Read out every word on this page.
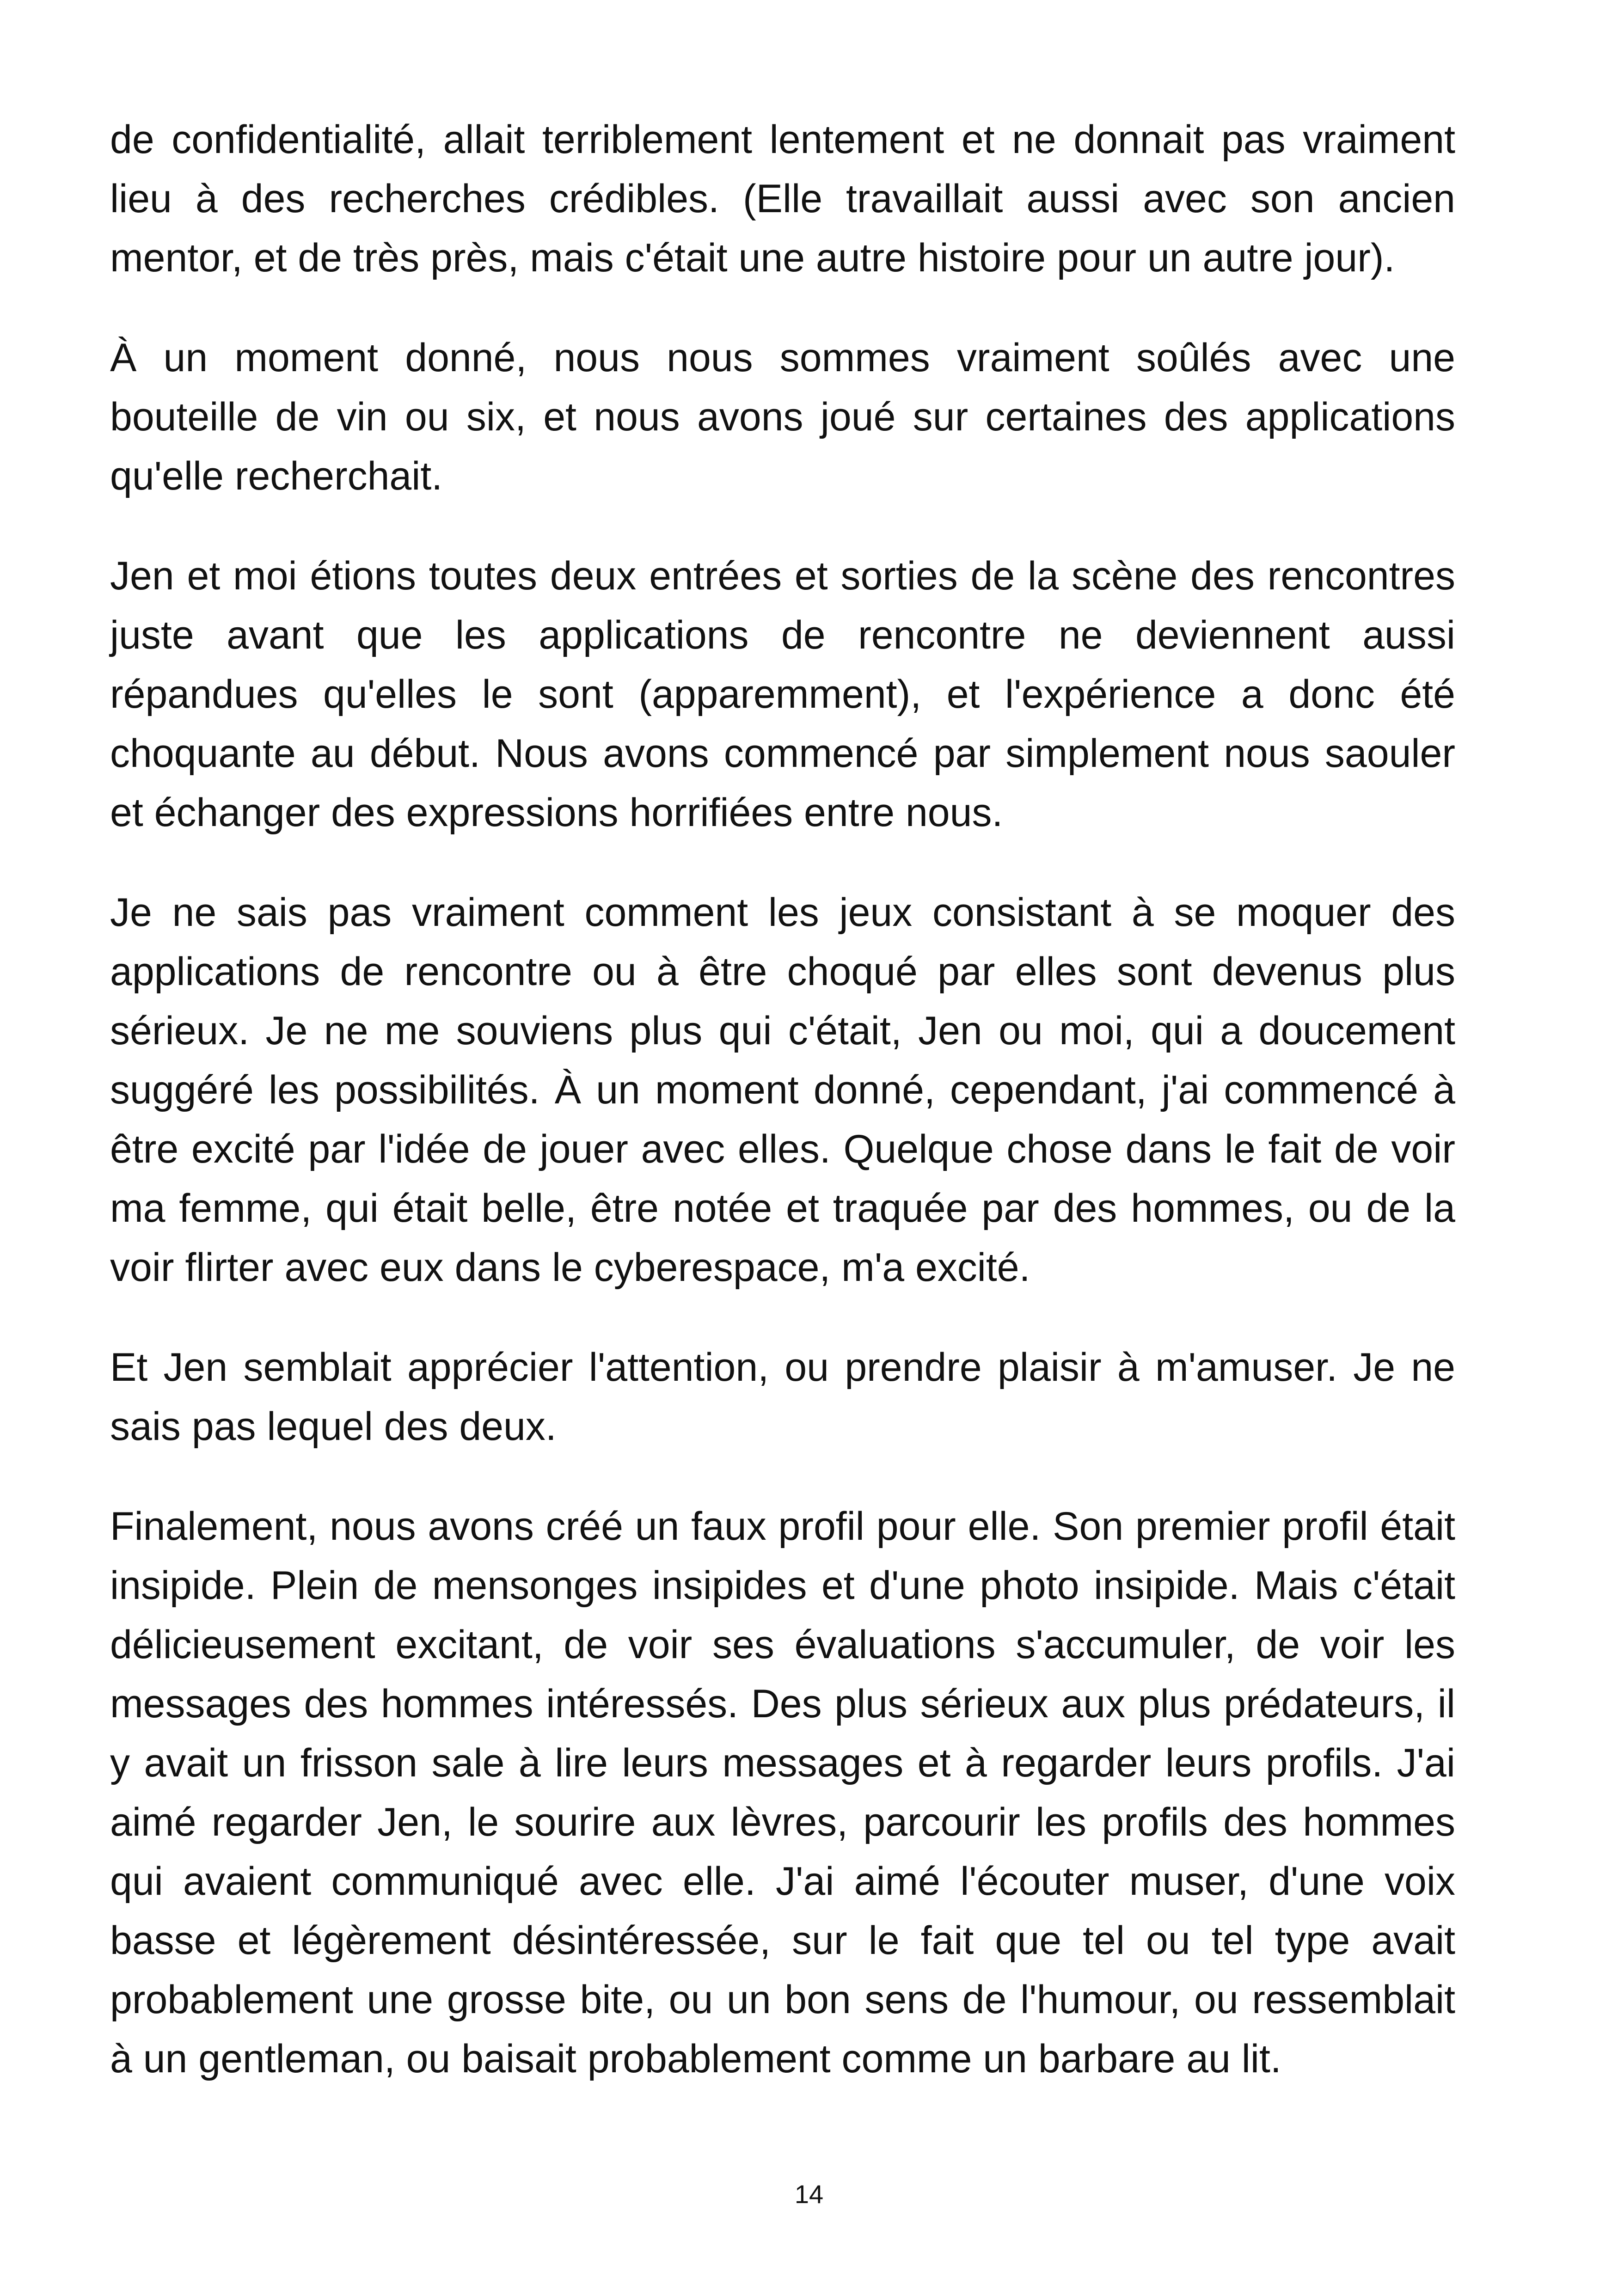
de confidentialité, allait terriblement lentement et ne donnait pas vraiment lieu à des recherches crédibles. (Elle travaillait aussi avec son ancien mentor, et de très près, mais c'était une autre histoire pour un autre jour).

À un moment donné, nous nous sommes vraiment soûlés avec une bouteille de vin ou six, et nous avons joué sur certaines des applications qu'elle recherchait.

Jen et moi étions toutes deux entrées et sorties de la scène des rencontres juste avant que les applications de rencontre ne deviennent aussi répandues qu'elles le sont (apparemment), et l'expérience a donc été choquante au début. Nous avons commencé par simplement nous saouler et échanger des expressions horrifiées entre nous.

Je ne sais pas vraiment comment les jeux consistant à se moquer des applications de rencontre ou à être choqué par elles sont devenus plus sérieux. Je ne me souviens plus qui c'était, Jen ou moi, qui a doucement suggéré les possibilités. À un moment donné, cependant, j'ai commencé à être excité par l'idée de jouer avec elles. Quelque chose dans le fait de voir ma femme, qui était belle, être notée et traquée par des hommes, ou de la voir flirter avec eux dans le cyberespace, m'a excité.

Et Jen semblait apprécier l'attention, ou prendre plaisir à m'amuser. Je ne sais pas lequel des deux.

Finalement, nous avons créé un faux profil pour elle. Son premier profil était insipide. Plein de mensonges insipides et d'une photo insipide. Mais c'était délicieusement excitant, de voir ses évaluations s'accumuler, de voir les messages des hommes intéressés. Des plus sérieux aux plus prédateurs, il y avait un frisson sale à lire leurs messages et à regarder leurs profils. J'ai aimé regarder Jen, le sourire aux lèvres, parcourir les profils des hommes qui avaient communiqué avec elle. J'ai aimé l'écouter muser, d'une voix basse et légèrement désintéressée, sur le fait que tel ou tel type avait probablement une grosse bite, ou un bon sens de l'humour, ou ressemblait à un gentleman, ou baisait probablement comme un barbare au lit.

14
